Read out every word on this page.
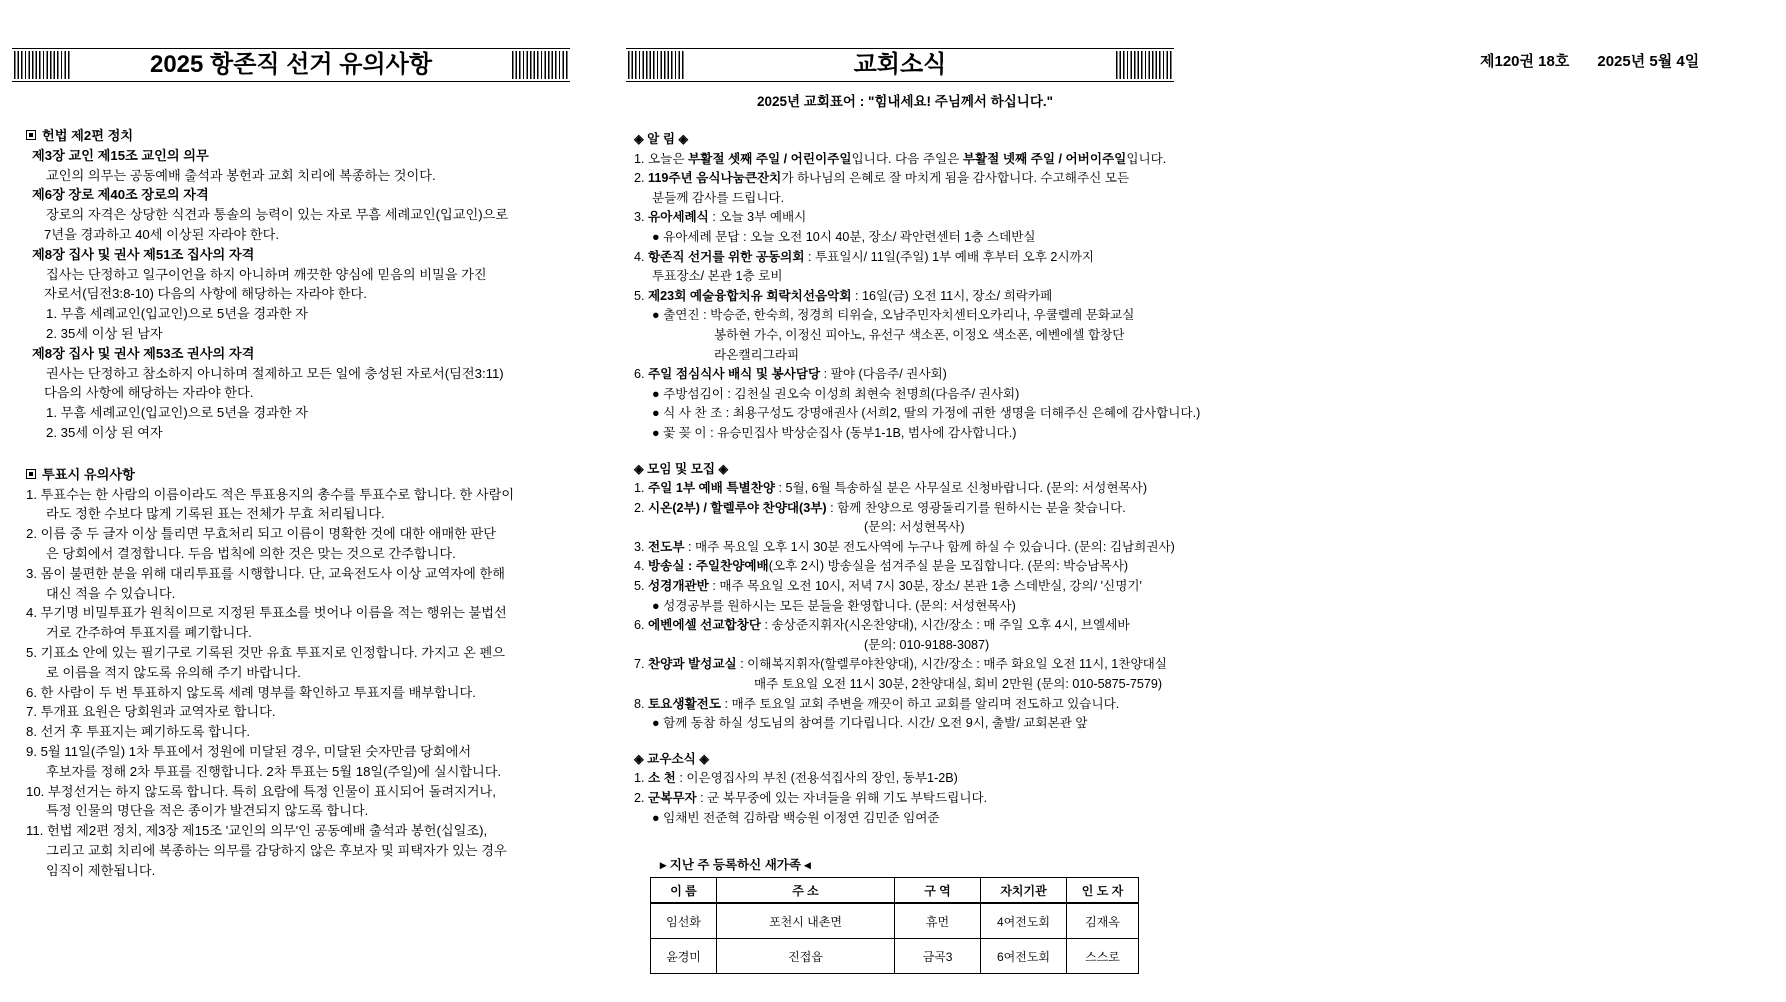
2025 항존직 선거 유의사항
헌법 제2편 정치
제3장 교인 제15조 교인의 의무
교인의 의무는 공동예배 출석과 봉헌과 교회 치리에 복종하는 것이다.
제6장 장로 제40조 장로의 자격
장로의 자격은 상당한 식견과 통솔의 능력이 있는 자로 무흠 세례교인(입교인)으로
7년을 경과하고 40세 이상된 자라야 한다.
제8장 집사 및 권사 제51조 집사의 자격
집사는 단정하고 일구이언을 하지 아니하며 깨끗한 양심에 믿음의 비밀을 가진
자로서(딤전3:8-10) 다음의 사항에 해당하는 자라야 한다.
1. 무흠 세례교인(입교인)으로 5년을 경과한 자
2. 35세 이상 된 남자
제8장 집사 및 권사 제53조 권사의 자격
권사는 단정하고 참소하지 아니하며 절제하고 모든 일에 충성된 자로서(딤전3:11)
다음의 사항에 해당하는 자라야 한다.
1. 무흠 세례교인(입교인)으로 5년을 경과한 자
2. 35세 이상 된 여자
투표시 유의사항
1. 투표수는 한 사람의 이름이라도 적은 투표용지의 총수를 투표수로 합니다. 한 사람이
라도 정한 수보다 많게 기록된 표는 전체가 무효 처리됩니다.
2. 이름 중 두 글자 이상 틀리면 무효처리 되고 이름이 명확한 것에 대한 애매한 판단
은 당회에서 결정합니다. 두음 법칙에 의한 것은 맞는 것으로 간주합니다.
3. 몸이 불편한 분을 위해 대리투표를 시행합니다. 단, 교육전도사 이상 교역자에 한해
대신 적을 수 있습니다.
4. 무기명 비밀투표가 원칙이므로 지정된 투표소를 벗어나 이름을 적는 행위는 불법선
거로 간주하여 투표지를 폐기합니다.
5. 기표소 안에 있는 필기구로 기록된 것만 유효 투표지로 인정합니다. 가지고 온 펜으
로 이름을 적지 않도록 유의해 주기 바랍니다.
6. 한 사람이 두 번 투표하지 않도록 세례 명부를 확인하고 투표지를 배부합니다.
7. 투개표 요원은 당회원과 교역자로 합니다.
8. 선거 후 투표지는 폐기하도록 합니다.
9. 5월 11일(주일) 1차 투표에서 정원에 미달된 경우, 미달된 숫자만큼 당회에서
후보자를 정해 2차 투표를 진행합니다. 2차 투표는 5월 18일(주일)에 실시합니다.
10. 부정선거는 하지 않도록 합니다. 특히 요람에 특정 인물이 표시되어 돌려지거나,
특정 인물의 명단을 적은 종이가 발견되지 않도록 합니다.
11. 헌법 제2편 정치, 제3장 제15조 '교인의 의무'인 공동예배 출석과 봉헌(십일조),
그리고 교회 치리에 복종하는 의무를 감당하지 않은 후보자 및 피택자가 있는 경우
임직이 제한됩니다.
교회소식
2025년 교회표어 : "힘내세요! 주님께서 하십니다."
◈ 알 림 ◈
1. 오늘은 부활절 셋째 주일 / 어린이주일입니다. 다음 주일은 부활절 넷째 주일 / 어버이주일입니다.
2. 119주년 음식나눔큰잔치가 하나님의 은혜로 잘 마치게 됨을 감사합니다. 수고해주신 모든
분들께 감사를 드립니다.
3. 유아세례식 : 오늘 3부 예배시
● 유아세례 문답 : 오늘 오전 10시 40분, 장소/ 곽안련센터 1층 스데반실
4. 항존직 선거를 위한 공동의회 : 투표일시/ 11일(주일) 1부 예배 후부터 오후 2시까지
투표장소/ 본관 1층 로비
5. 제23회 예술융합치유 희락치선음악회 : 16일(금) 오전 11시, 장소/ 희락카페
● 출연진 : 박승준, 한숙희, 정경희 티위슬, 오남주민자치센터오카리나, 우쿨렐레 문화교실
봉하현 가수, 이정신 피아노, 유선구 색소폰, 이정오 색소폰, 에벤에셀 합창단
라온캘리그라피
6. 주일 점심식사 배식 및 봉사담당 : 팔야 (다음주/ 권사회)
● 주방섬김이 : 김천실 권오숙 이성희 최현숙 천명희(다음주/ 권사회)
● 식 사 찬 조 : 최용구성도 강명애권사 (서희2, 딸의 가정에 귀한 생명을 더해주신 은혜에 감사합니다.)
● 꽃 꽂 이 : 유승민집사 박상순집사 (동부1-1B, 범사에 감사합니다.)
◈ 모임 및 모집 ◈
1. 주일 1부 예배 특별찬양 : 5월, 6월 특송하실 분은 사무실로 신청바랍니다. (문의: 서성현목사)
2. 시온(2부) / 할렐루야 찬양대(3부) : 함께 찬양으로 영광돌리기를 원하시는 분을 찾습니다.
(문의: 서성현목사)
3. 전도부 : 매주 목요일 오후 1시 30분 전도사역에 누구나 함께 하실 수 있습니다. (문의: 김남희권사)
4. 방송실 : 주일찬양예배(오후 2시) 방송실을 섬겨주실 분을 모집합니다. (문의: 박승남목사)
5. 성경개관반 : 매주 목요일 오전 10시, 저녁 7시 30분, 장소/ 본관 1층 스데반실, 강의/ '신명기'
● 성경공부를 원하시는 모든 분들을 환영합니다. (문의: 서성현목사)
6. 에벤에셀 선교합창단 : 송상준지휘자(시온찬양대), 시간/장소 : 매 주일 오후 4시, 브엘세바
(문의: 010-9188-3087)
7. 찬양과 발성교실 : 이해복지휘자(할렐루야찬양대), 시간/장소 : 매주 화요일 오전 11시, 1찬양대실
매주 토요일 오전 11시 30분, 2찬양대실, 회비 2만원 (문의: 010-5875-7579)
8. 토요생활전도 : 매주 토요일 교회 주변을 깨끗이 하고 교회를 알리며 전도하고 있습니다.
● 함께 동참 하실 성도님의 참여를 기다립니다. 시간/ 오전 9시, 출발/ 교회본관 앞
◈ 교우소식 ◈
1. 소 천 : 이은영집사의 부친 (전용석집사의 장인, 동부1-2B)
2. 군복무자 : 군 복무중에 있는 자녀들을 위해 기도 부탁드립니다.
● 임채빈 전준혁 김하람 백승원 이정연 김민준 임여준
▸ 지난 주 등록하신 새가족 ◂
이 름	주 소	구 역	자치기관	인 도 자
임선화	포천시 내촌면	휴먼	4여전도회	김재옥
윤경미	진접읍	금곡3	6여전도회	스스로
제120권 18호 2025년 5월 4일
